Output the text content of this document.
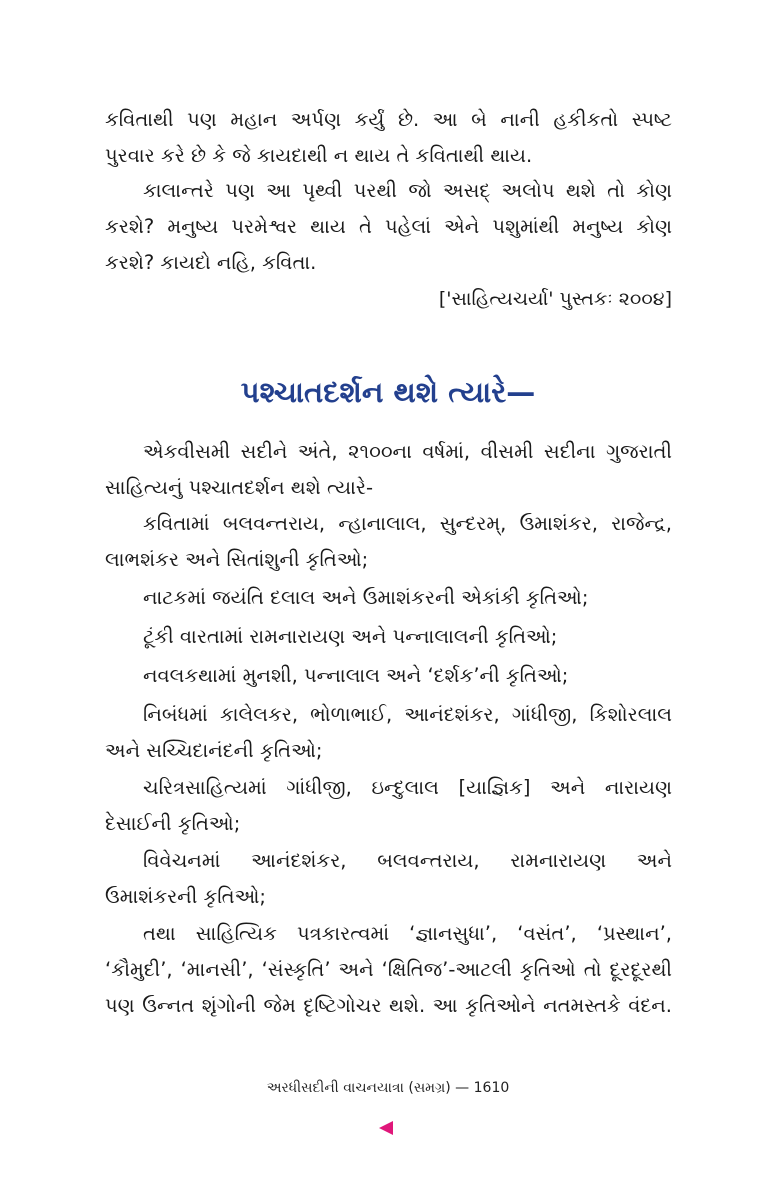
કવિતાથી પણ મહાન અર્પણ કર્યું છે. આ બે નાની હકીકતો સ્પષ્ટ
પુરવાર કરે છે કે જે કાયદાથી ન થાય તે કવિતાથી થાય.
કાલાન્તરે પણ આ પૃથ્વી પરથી જો અસદ્ અલોપ થશે તો કોણ
કરશે? મનુષ્ય પરમેશ્વર થાય તે પહેલાં એને પશુમાંથી મનુષ્ય કોણ
કરશે? કાયદો નહિ, કવિતા.
['સાહિત્યચર્યા' પુસ્તકઃ ૨૦૦૪]
પશ્ચાતદર્શન થશે ત્યારે—
એકવીસમી સદીને અંતે, ૨૧૦૦ના વર્ષમાં, વીસમી સદીના ગુજરાતી
સાહિત્યનું પશ્ચાતદર્શન થશે ત્યારે-
કવિતામાં બલવન્તરાય, ન્હાનાલાલ, સુન્દરમ્, ઉમાશંકર, રાજેન્દ્ર,
લાભશંકર અને સિતાંશુની કૃતિઓ;
નાટકમાં જયંતિ દલાલ અને ઉમાશંકરની એકાંકી કૃતિઓ;
ટૂંકી વારતામાં રામનારાયણ અને પન્નાલાલની કૃતિઓ;
નવલકથામાં મુનશી, પન્નાલાલ અને ‘દર્શક’ની કૃતિઓ;
નિબંધમાં કાલેલકર, ભોળાભાઈ, આનંદશંકર, ગાંધીજી, કિશોરલાલ
અને સચ્ચિદાનંદની કૃતિઓ;
ચરિત્રસાહિત્યમાં ગાંધીજી, ઇન્દુલાલ [યાજ્ઞિક] અને નારાયણ
દેસાઈની કૃતિઓ;
વિવેચનમાં આનંદશંકર, બલવન્તરાય, રામનારાયણ અને
ઉમાશંકરની કૃતિઓ;
તથા સાહિત્યિક પત્રકારત્વમાં ‘જ્ઞાનસુધા’, ‘વસંત’, ‘પ્રસ્થાન’,
‘કૌમુદી’, ‘માનસી’, ‘સંસ્કૃતિ’ અને ‘ક્ષિતિજ’-આટલી કૃતિઓ તો દૂરદૂરથી
પણ ઉન્નત શૃંગોની જેમ દૃષ્ટિગોચર થશે. આ કૃતિઓને નતમસ્તકે વંદન.
અરધીસદીની વાચનયાત્રા (સમગ્ર) — 1610
